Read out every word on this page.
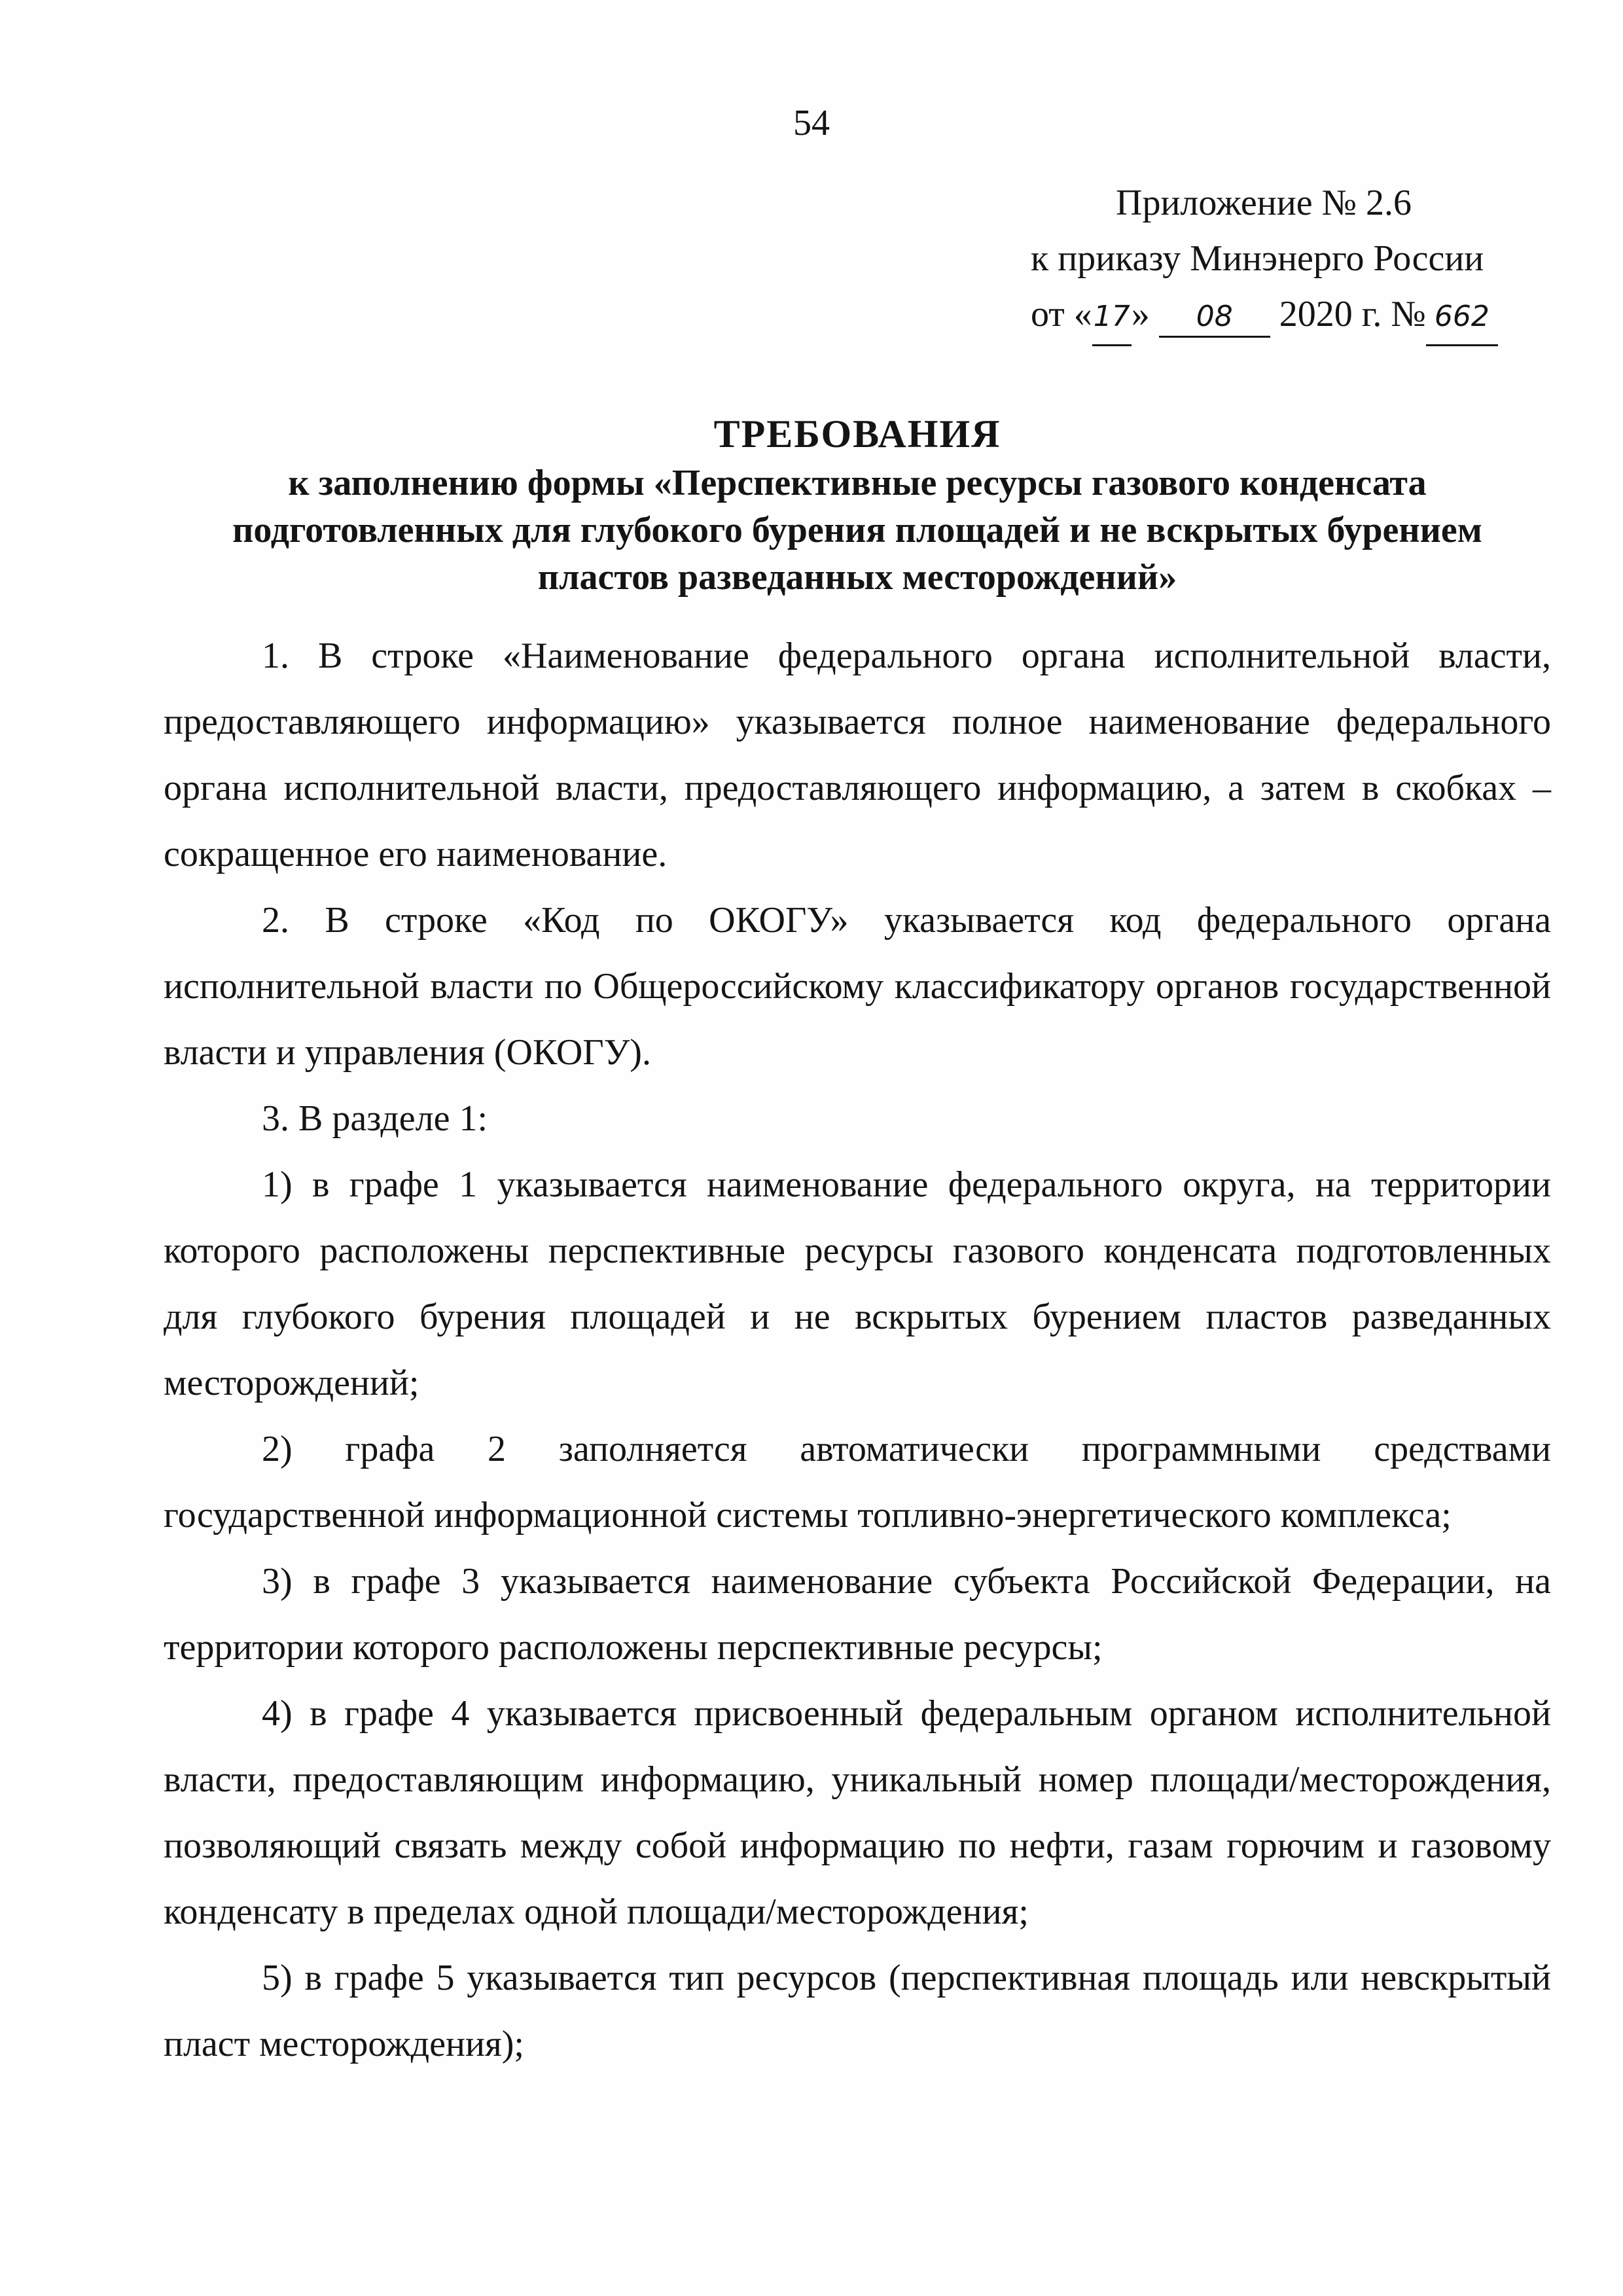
54
Приложение № 2.6
к приказу Минэнерго России
от «17» 08 2020 г. № 662
ТРЕБОВАНИЯ
к заполнению формы «Перспективные ресурсы газового конденсата
подготовленных для глубокого бурения площадей и не вскрытых бурением
пластов разведанных месторождений»

1. В строке «Наименование федерального органа исполнительной власти, предоставляющего информацию» указывается полное наименование федерального органа исполнительной власти, предоставляющего информацию, а затем в скобках – сокращенное его наименование.

2. В строке «Код по ОКОГУ» указывается код федерального органа исполнительной власти по Общероссийскому классификатору органов государственной власти и управления (ОКОГУ).

3. В разделе 1:

1) в графе 1 указывается наименование федерального округа, на территории которого расположены перспективные ресурсы газового конденсата подготовленных для глубокого бурения площадей и не вскрытых бурением пластов разведанных месторождений;

2) графа 2 заполняется автоматически программными средствами государственной информационной системы топливно-энергетического комплекса;

3) в графе 3 указывается наименование субъекта Российской Федерации, на территории которого расположены перспективные ресурсы;

4) в графе 4 указывается присвоенный федеральным органом исполнительной власти, предоставляющим информацию, уникальный номер площади/месторождения, позволяющий связать между собой информацию по нефти, газам горючим и газовому конденсату в пределах одной площади/месторождения;

5) в графе 5 указывается тип ресурсов (перспективная площадь или невскрытый пласт месторождения);
